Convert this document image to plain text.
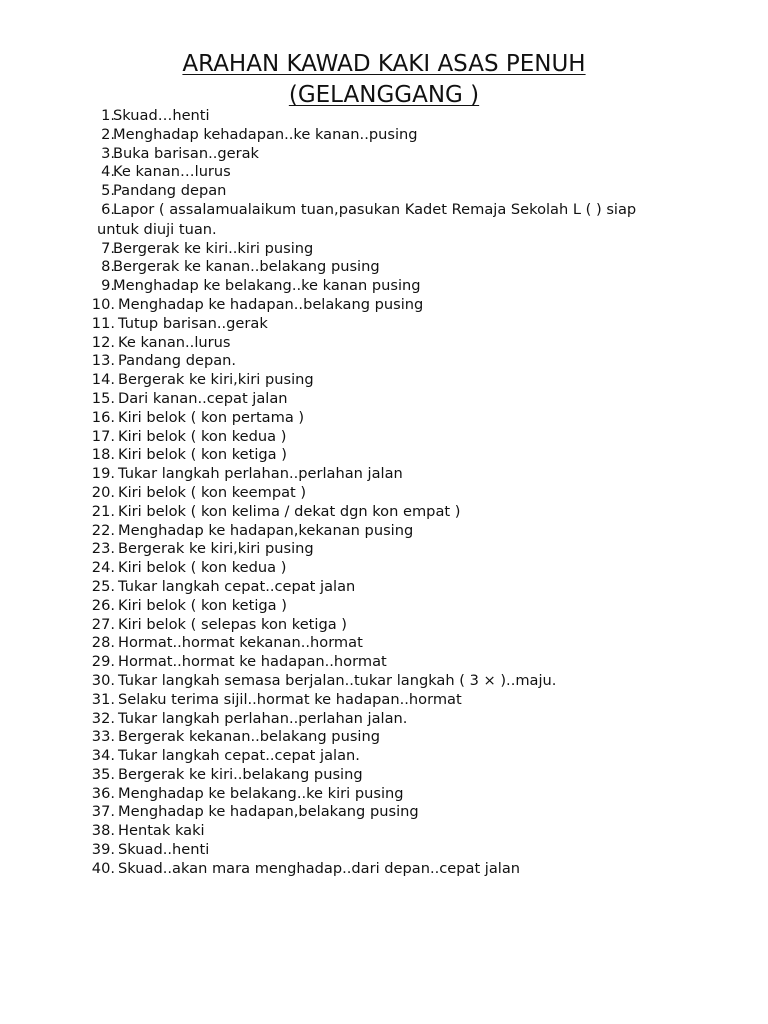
ARAHAN KAWAD KAKI ASAS PENUH
(GELANGGANG )
1.
Skuad…henti
2.
Menghadap kehadapan..ke kanan..pusing
3.
Buka barisan..gerak
4.
Ke kanan…lurus
5.
Pandang depan
6.
Lapor ( assalamualaikum tuan,pasukan Kadet Remaja Sekolah L ( ) siap
untuk diuji tuan.
7.
Bergerak ke kiri..kiri pusing
8.
Bergerak ke kanan..belakang pusing
9.
Menghadap ke belakang..ke kanan pusing
10. Menghadap ke hadapan..belakang pusing
11. Tutup barisan..gerak
12. Ke kanan..lurus
13. Pandang depan.
14. Bergerak ke kiri,kiri pusing
15. Dari kanan..cepat jalan
16. Kiri belok ( kon pertama )
17. Kiri belok ( kon kedua )
18. Kiri belok ( kon ketiga )
19. Tukar langkah perlahan..perlahan jalan
20. Kiri belok ( kon keempat )
21. Kiri belok ( kon kelima / dekat dgn kon empat )
22. Menghadap ke hadapan,kekanan pusing
23. Bergerak ke kiri,kiri pusing
24. Kiri belok ( kon kedua )
25. Tukar langkah cepat..cepat jalan
26. Kiri belok ( kon ketiga )
27. Kiri belok ( selepas kon ketiga )
28. Hormat..hormat kekanan..hormat
29. Hormat..hormat ke hadapan..hormat
30. Tukar langkah semasa berjalan..tukar langkah ( 3 × )..maju.
31. Selaku terima sijil..hormat ke hadapan..hormat
32. Tukar langkah perlahan..perlahan jalan.
33. Bergerak kekanan..belakang pusing
34. Tukar langkah cepat..cepat jalan.
35. Bergerak ke kiri..belakang pusing
36. Menghadap ke belakang..ke kiri pusing
37. Menghadap ke hadapan,belakang pusing
38. Hentak kaki
39. Skuad..henti
40. Skuad..akan mara menghadap..dari depan..cepat jalan
